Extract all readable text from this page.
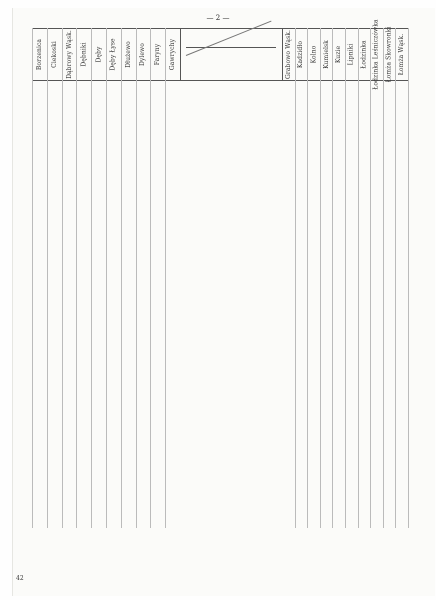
— 2 —
Borzenica Ciekoski Dąbrowy Wąsk. Dębniki Dęby Dęby Łyse Dłużewo Dylewo Faryny Gawrychy	Grabowo Wąsk. Kadzidło Kolno Kumielsk Kuzie Lipniki Łodzinka Łodzinka Leśniczówka Łomża Skowronki Łomża Wąsk.
42
